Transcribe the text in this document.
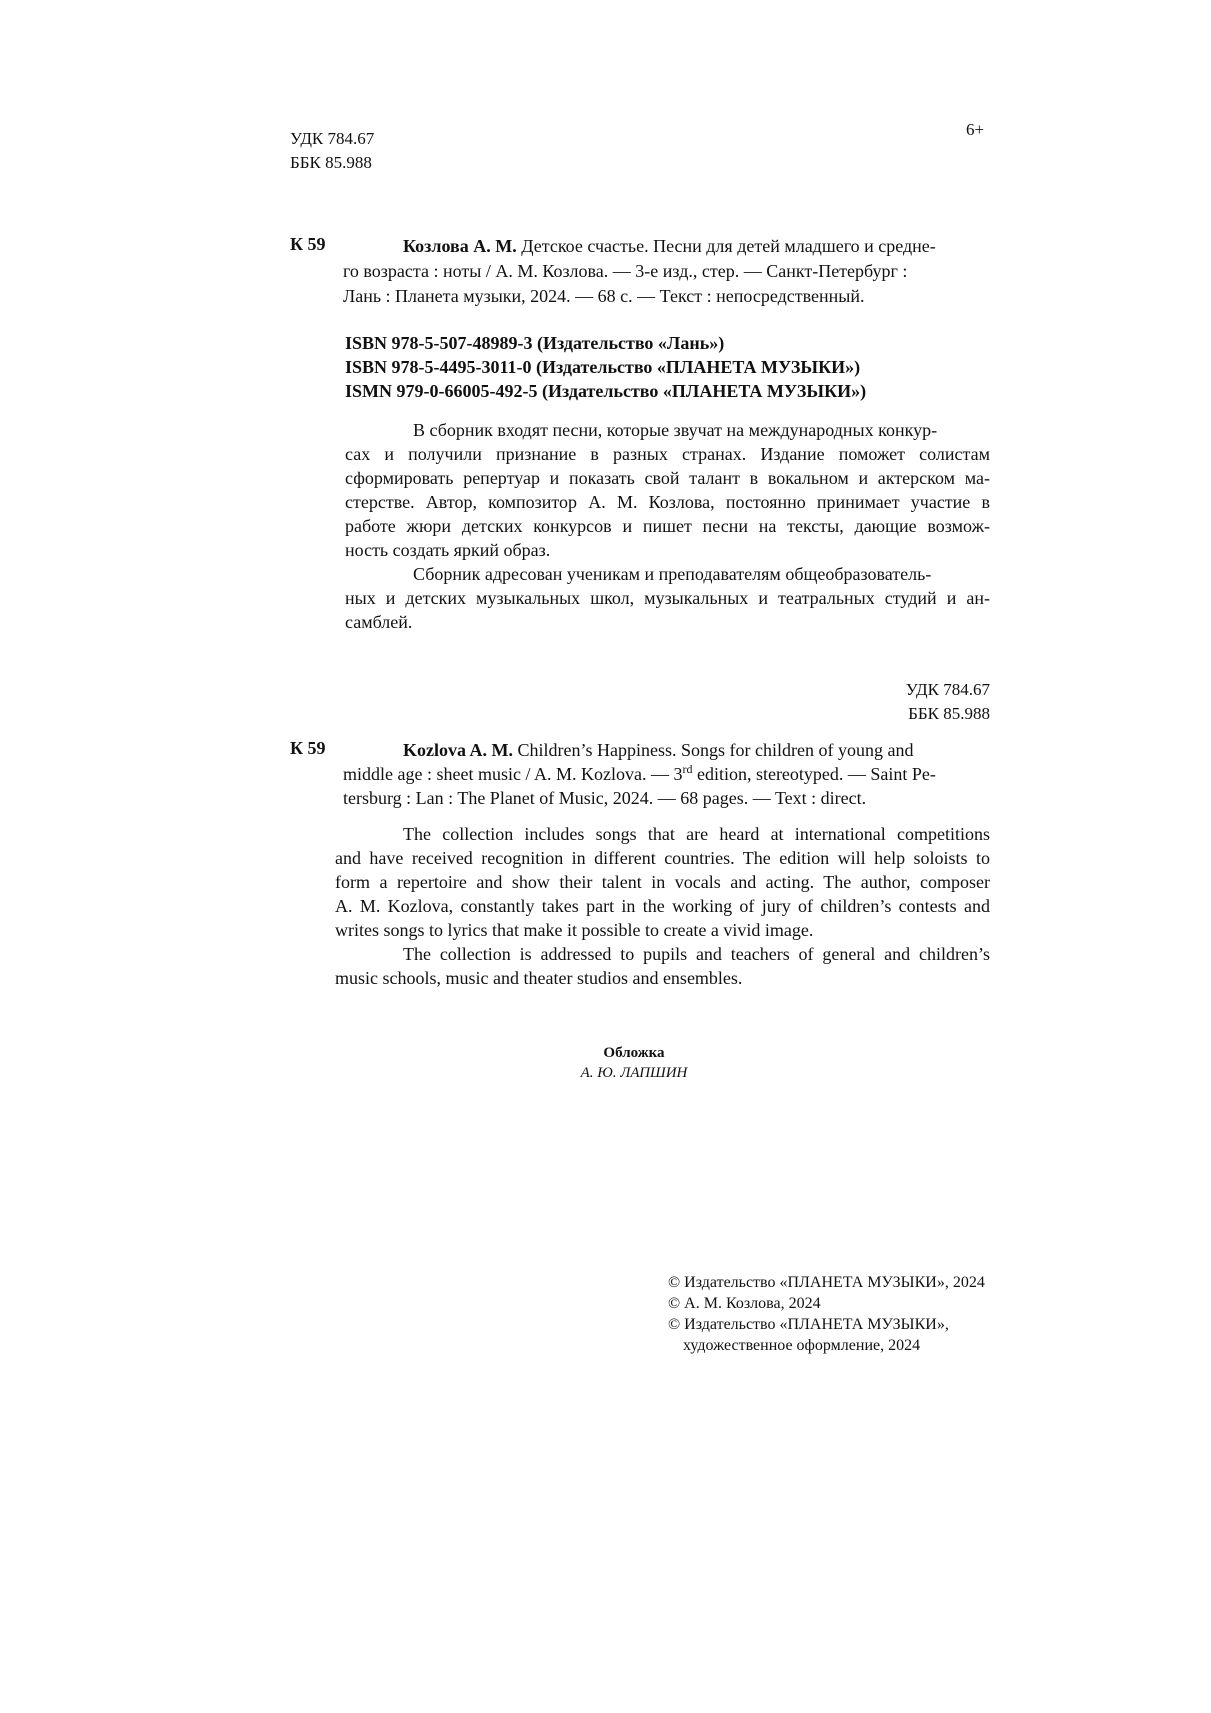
6+
УДК 784.67
ББК 85.988
К 59	Козлова А. М. Детское счастье. Песни для детей младшего и средне-
го возраста : ноты / А. М. Козлова. — 3-е изд., стер. — Санкт-Петербург :
Лань : Планета музыки, 2024. — 68 с. — Текст : непосредственный.
ISBN 978-5-507-48989-3 (Издательство «Лань»)
ISBN 978-5-4495-3011-0 (Издательство «ПЛАНЕТА МУЗЫКИ»)
ISMN 979-0-66005-492-5 (Издательство «ПЛАНЕТА МУЗЫКИ»)
В сборник входят песни, которые звучат на международных конкур-
сах и получили признание в разных странах. Издание поможет солистам
сформировать репертуар и показать свой талант в вокальном и актерском ма-
стерстве. Автор, композитор А. М. Козлова, постоянно принимает участие в
работе жюри детских конкурсов и пишет песни на тексты, дающие возмож-
ность создать яркий образ.
Сборник адресован ученикам и преподавателям общеобразователь-
ных и детских музыкальных школ, музыкальных и театральных студий и ан-
самблей.
УДК 784.67
ББК 85.988
К 59	Kozlova A. M. Children’s Happiness. Songs for children of young and
middle age : sheet music / A. M. Kozlova. — 3rd edition, stereotyped. — Saint Pe-
tersburg : Lan : The Planet of Music, 2024. — 68 pages. — Text : direct.
The collection includes songs that are heard at international competitions
and have received recognition in different countries. The edition will help soloists to
form a repertoire and show their talent in vocals and acting. The author, composer
A. M. Kozlova, constantly takes part in the working of jury of children’s contests and
writes songs to lyrics that make it possible to create a vivid image.
The collection is addressed to pupils and teachers of general and children’s
music schools, music and theater studios and ensembles.
Обложка
А. Ю. ЛАПШИН
© Издательство «ПЛАНЕТА МУЗЫКИ», 2024
© А. М. Козлова, 2024
© Издательство «ПЛАНЕТА МУЗЫКИ»,
художественное оформление, 2024
